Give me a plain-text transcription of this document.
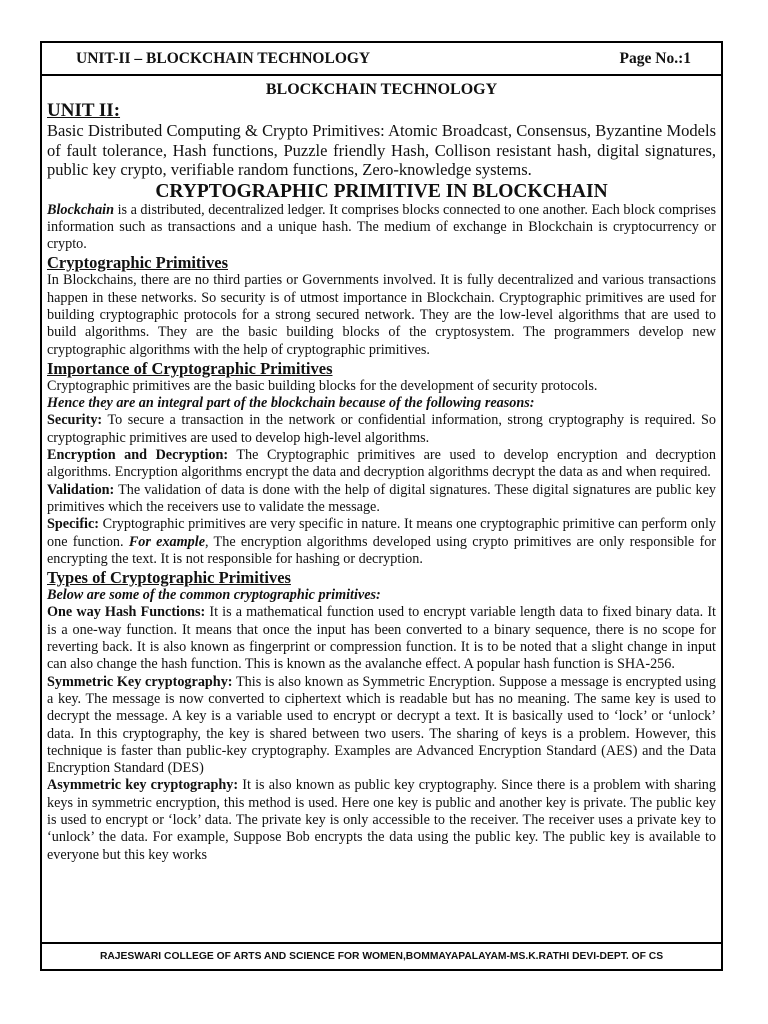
UNIT-II – BLOCKCHAIN TECHNOLOGY	Page No.:1

BLOCKCHAIN TECHNOLOGY

UNIT II:

Basic Distributed Computing & Crypto Primitives: Atomic Broadcast, Consensus, Byzantine Models of fault tolerance, Hash functions, Puzzle friendly Hash, Collison resistant hash, digital signatures, public key crypto, verifiable random functions, Zero-knowledge systems.

CRYPTOGRAPHIC PRIMITIVE IN BLOCKCHAIN

Blockchain is a distributed, decentralized ledger. It comprises blocks connected to one another. Each block comprises information such as transactions and a unique hash. The medium of exchange in Blockchain is cryptocurrency or crypto.

Cryptographic Primitives

In Blockchains, there are no third parties or Governments involved. It is fully decentralized and various transactions happen in these networks. So security is of utmost importance in Blockchain. Cryptographic primitives are used for building cryptographic protocols for a strong secured network. They are the low-level algorithms that are used to build algorithms. They are the basic building blocks of the cryptosystem. The programmers develop new cryptographic algorithms with the help of cryptographic primitives.

Importance of Cryptographic Primitives

Cryptographic primitives are the basic building blocks for the development of security protocols.

Hence they are an integral part of the blockchain because of the following reasons:

Security: To secure a transaction in the network or confidential information, strong cryptography is required. So cryptographic primitives are used to develop high-level algorithms.

Encryption and Decryption: The Cryptographic primitives are used to develop encryption and decryption algorithms. Encryption algorithms encrypt the data and decryption algorithms decrypt the data as and when required.

Validation: The validation of data is done with the help of digital signatures. These digital signatures are public key primitives which the receivers use to validate the message.

Specific: Cryptographic primitives are very specific in nature. It means one cryptographic primitive can perform only one function. For example, The encryption algorithms developed using crypto primitives are only responsible for encrypting the text. It is not responsible for hashing or decryption.

Types of Cryptographic Primitives

Below are some of the common cryptographic primitives:

One way Hash Functions: It is a mathematical function used to encrypt variable length data to fixed binary data. It is a one-way function. It means that once the input has been converted to a binary sequence, there is no scope for reverting back. It is also known as fingerprint or compression function. It is to be noted that a slight change in input can also change the hash function. This is known as the avalanche effect. A popular hash function is SHA-256.

Symmetric Key cryptography: This is also known as Symmetric Encryption. Suppose a message is encrypted using a key. The message is now converted to ciphertext which is readable but has no meaning. The same key is used to decrypt the message. A key is a variable used to encrypt or decrypt a text. It is basically used to ‘lock’ or ‘unlock’ data. In this cryptography, the key is shared between two users. The sharing of keys is a problem. However, this technique is faster than public-key cryptography. Examples are Advanced Encryption Standard (AES) and the Data Encryption Standard (DES)

Asymmetric key cryptography: It is also known as public key cryptography. Since there is a problem with sharing keys in symmetric encryption, this method is used. Here one key is public and another key is private. The public key is used to encrypt or ‘lock’ data. The private key is only accessible to the receiver. The receiver uses a private key to ‘unlock’ the data. For example, Suppose Bob encrypts the data using the public key. The public key is available to everyone but this key works

RAJESWARI COLLEGE OF ARTS AND SCIENCE FOR WOMEN,BOMMAYAPALAYAM-MS.K.RATHI DEVI-DEPT. OF CS
